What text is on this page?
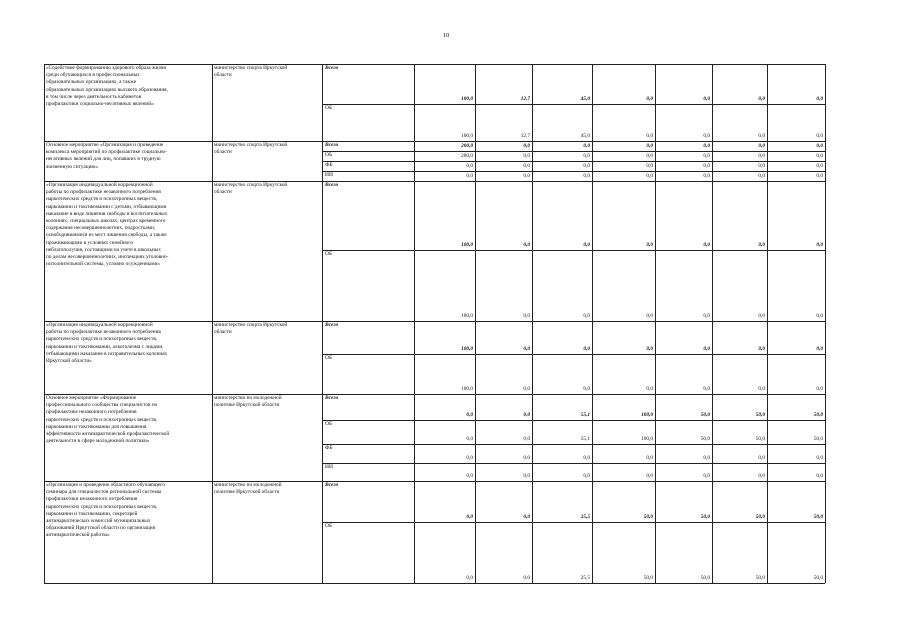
10
«Содействие формированию здорового образа жизни
среди обучающихся в профессиональных
образовательных организациях, а также
образовательных организациях высшего образования,
в том числе через деятельность кабинетов
профилактики социально-негативных явлений»
министерство спорта Иркутской
области
Всего
100,0	12,7	45,0	0,0	0,0	0,0	0,0
ОБ
100,0	12,7	45,0	0,0	0,0	0,0	0,0
Основное мероприятие «Организация и проведение
комплекса мероприятий по профилактике социально-
негативных явлений для лиц, попавших в трудную
жизненную ситуацию»
министерство спорта Иркутской
области
Всего	200,0	0,0	0,0	0,0	0,0	0,0	0,0
ОБ	200,0	0,0	0,0	0,0	0,0	0,0	0,0
ФБ	0,0	0,0	0,0	0,0	0,0	0,0	0,0
ИИ	0,0	0,0	0,0	0,0	0,0	0,0	0,0
«Организация индивидуальной коррекционной
работы по профилактике незаконного потребления
наркотических средств и психотропных веществ,
наркомании и токсикомании с детьми, отбывающими
наказание в виде лишения свободы в воспитательных
колониях, специальных школах, центрах временного
содержания несовершеннолетних, подростками,
освободившимися из мест лишения свободы, а также
проживающими в условиях семейного
неблагополучия, состоящими на учете в школьных
по делам несовершеннолетних, инспекциях уголовно-
исполнительной системы, условно осужденными»
министерство спорта Иркутской
области
Всего
100,0	0,0	0,0	0,0	0,0	0,0	0,0
ОБ
100,0	0,0	0,0	0,0	0,0	0,0	0,0
«Организация индивидуальной коррекционной
работы по профилактике незаконного потребления
наркотических средств и психотропных веществ,
наркомании и токсикомании, алкоголизма с лицами,
отбывающими наказание в исправительных колониях
Иркутской области»
министерство спорта Иркутской
области
Всего
100,0	0,0	0,0	0,0	0,0	0,0	0,0
ОБ
100,0	0,0	0,0	0,0	0,0	0,0	0,0
Основное мероприятие «Формирование
профессионального сообщества специалистов по
профилактике незаконного потребления
наркотических средств и психотропных веществ,
наркомании и токсикомании для повышения
эффективности антинаркотической профилактической
деятельности в сфере молодежной политики»
министерство по молодежной
политике Иркутской области
Всего
0,0	0,0	55,1	100,0	50,0	50,0	50,0
ОБ
0,0	0,0	55,1	100,0	50,0	50,0	50,0
ФБ
0,0	0,0	0,0	0,0	0,0	0,0	0,0
ИИ
0,0	0,0	0,0	0,0	0,0	0,0	0,0
«Организация и проведение областного обучающего
семинара для специалистов региональной системы
профилактики незаконного потребления
наркотических средств и психотропных веществ,
наркомании и токсикомании, секретарей
антинаркотических комиссий муниципальных
образований Иркутской области по организации
антинаркотической работы»
министерство по молодежной
политике Иркутской области
Всего
0,0	0,0	25,5	50,0	50,0	50,0	50,0
ОБ
0,0	0,0	25,5	50,0	50,0	50,0	50,0
